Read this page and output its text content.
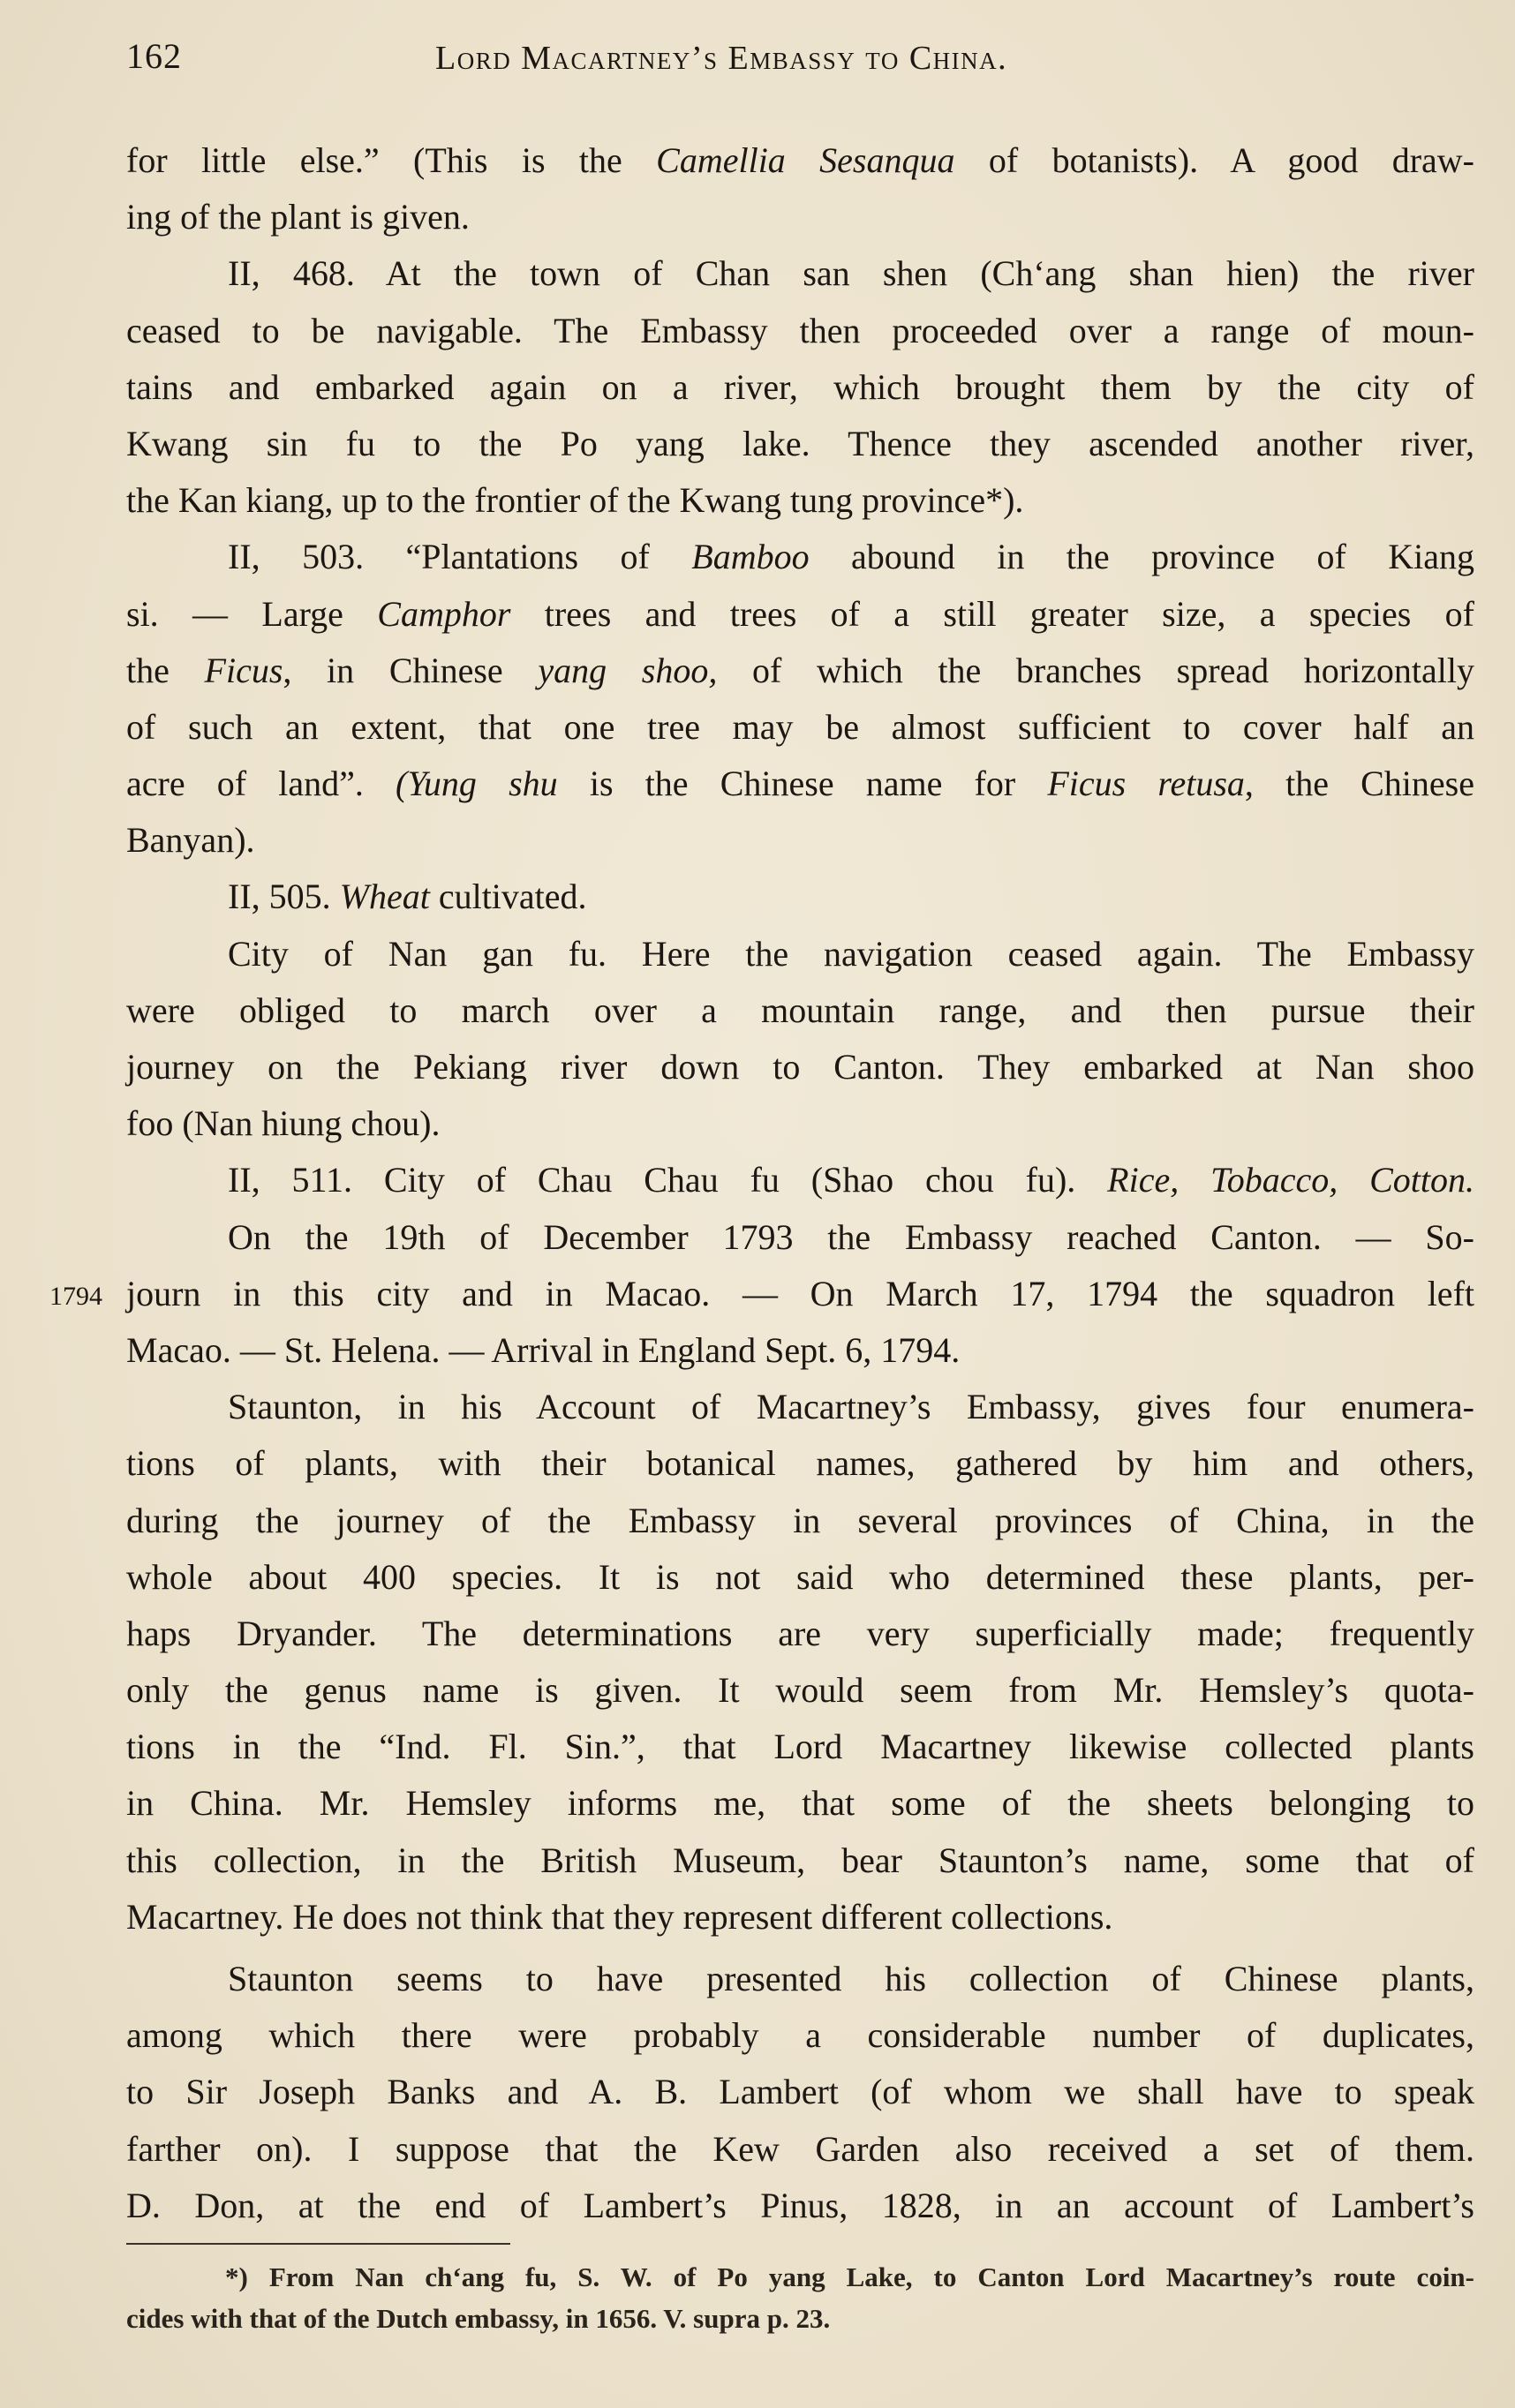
162	Lord Macartney’s Embassy to China.
1794
for little else.” (This is the Camellia Sesanqua of botanists). A good draw-
ing of the plant is given.
II, 468. At the town of Chan san shen (Ch‘ang shan hien) the river
ceased to be navigable. The Embassy then proceeded over a range of moun-
tains and embarked again on a river, which brought them by the city of
Kwang sin fu to the Po yang lake. Thence they ascended another river,
the Kan kiang, up to the frontier of the Kwang tung province*).
II, 503. “Plantations of Bamboo abound in the province of Kiang
si. — Large Camphor trees and trees of a still greater size, a species of
the Ficus, in Chinese yang shoo, of which the branches spread horizontally
of such an extent, that one tree may be almost sufficient to cover half an
acre of land”. (Yung shu is the Chinese name for Ficus retusa, the Chinese
Banyan).
II, 505. Wheat cultivated.
City of Nan gan fu. Here the navigation ceased again. The Embassy
were obliged to march over a mountain range, and then pursue their
journey on the Pekiang river down to Canton. They embarked at Nan shoo
foo (Nan hiung chou).
II, 511. City of Chau Chau fu (Shao chou fu). Rice, Tobacco, Cotton.
On the 19th of December 1793 the Embassy reached Canton. — So-
journ in this city and in Macao. — On March 17, 1794 the squadron left
Macao. — St. Helena. — Arrival in England Sept. 6, 1794.
Staunton, in his Account of Macartney’s Embassy, gives four enumera-
tions of plants, with their botanical names, gathered by him and others,
during the journey of the Embassy in several provinces of China, in the
whole about 400 species. It is not said who determined these plants, per-
haps Dryander. The determinations are very superficially made; frequently
only the genus name is given. It would seem from Mr. Hemsley’s quota-
tions in the “Ind. Fl. Sin.”, that Lord Macartney likewise collected plants
in China. Mr. Hemsley informs me, that some of the sheets belonging to
this collection, in the British Museum, bear Staunton’s name, some that of
Macartney. He does not think that they represent different collections.
Staunton seems to have presented his collection of Chinese plants,
among which there were probably a considerable number of duplicates,
to Sir Joseph Banks and A. B. Lambert (of whom we shall have to speak
farther on). I suppose that the Kew Garden also received a set of them.
D. Don, at the end of Lambert’s Pinus, 1828, in an account of Lambert’s
*) From Nan ch‘ang fu, S. W. of Po yang Lake, to Canton Lord Macartney’s route coin-
cides with that of the Dutch embassy, in 1656. V. supra p. 23.
